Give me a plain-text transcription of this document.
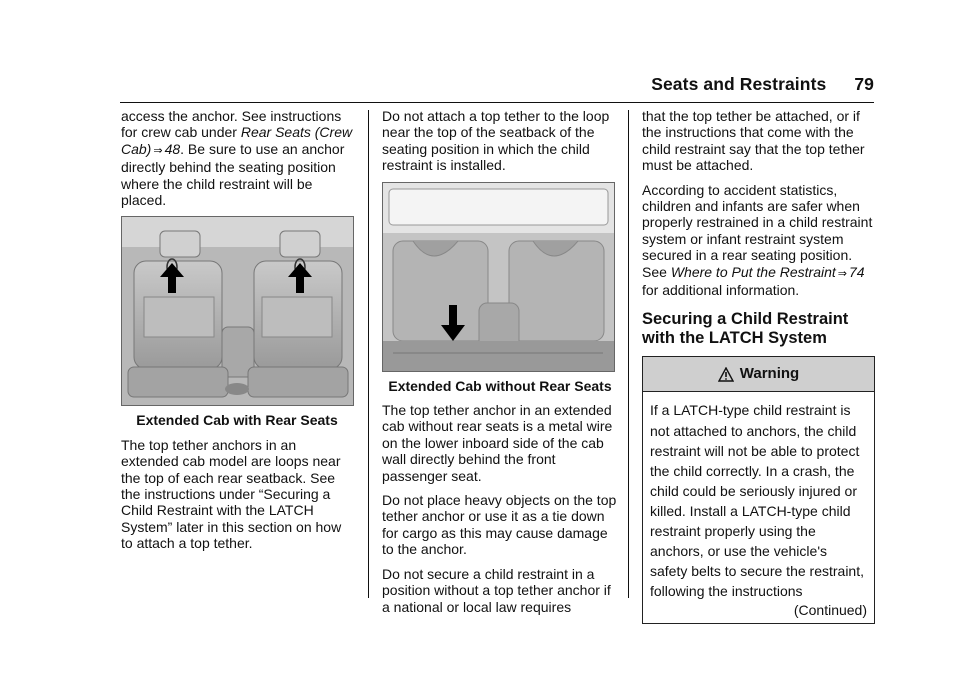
Seats and Restraints 79

access the anchor. See instructions for crew cab under Rear Seats (Crew Cab) ⇒ 48. Be sure to use an anchor directly behind the seating position where the child restraint will be placed.

Extended Cab with Rear Seats

The top tether anchors in an extended cab model are loops near the top of each rear seatback. See the instructions under “Securing a Child Restraint with the LATCH System” later in this section on how to attach a top tether.

Do not attach a top tether to the loop near the top of the seatback of the seating position in which the child restraint is installed.

Extended Cab without Rear Seats

The top tether anchor in an extended cab without rear seats is a metal wire on the lower inboard side of the cab wall directly behind the front passenger seat.

Do not place heavy objects on the top tether anchor or use it as a tie down for cargo as this may cause damage to the anchor.

Do not secure a child restraint in a position without a top tether anchor if a national or local law requires

that the top tether be attached, or if the instructions that come with the child restraint say that the top tether must be attached.

According to accident statistics, children and infants are safer when properly restrained in a child restraint system or infant restraint system secured in a rear seating position. See Where to Put the Restraint ⇒ 74 for additional information.

Securing a Child Restraint with the LATCH System
Warning
If a LATCH-type child restraint is not attached to anchors, the child restraint will not be able to protect the child correctly. In a crash, the child could be seriously injured or killed. Install a LATCH-type child restraint properly using the anchors, or use the vehicle's safety belts to secure the restraint, following the instructions
(Continued)
